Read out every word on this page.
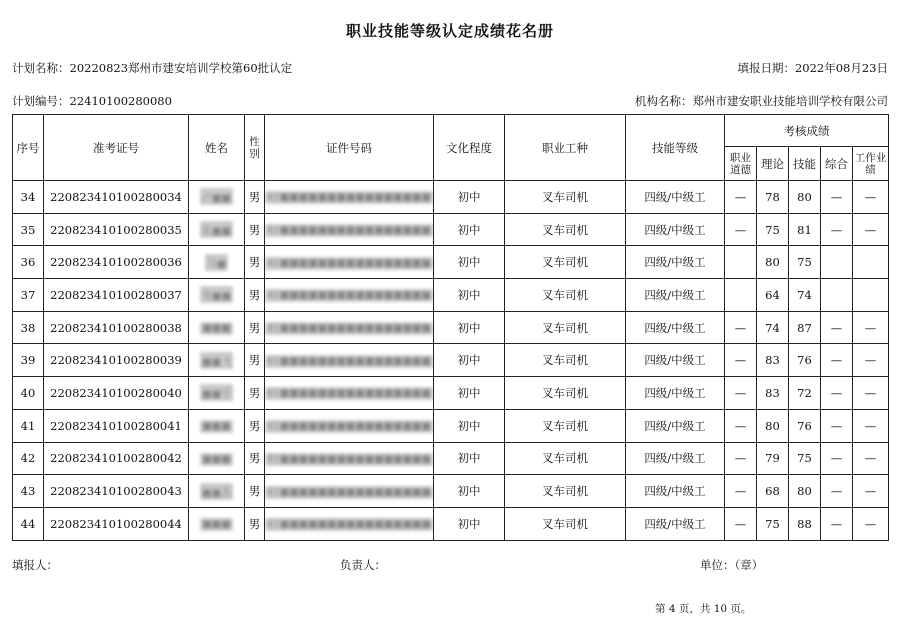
职业技能等级认定成绩花名册
计划名称：20220823郑州市建安培训学校第60批认定	填报日期：2022年08月23日
计划编号：22410100280080	机构名称：郑州市建安职业技能培训学校有限公司
序号	准考证号	姓名	性别	证件号码	文化程度	职业工种	技能等级	考核成绩				
								职业道德	理论	技能	综合	工作业绩
34	220823410100280034	卢■■	男	41■■■■■■■■■■■■■■■■	初中	叉车司机	四级/中级工	—	78	80	—	—
35	220823410100280035	张■■	男	41■■■■■■■■■■■■■■■■	初中	叉车司机	四级/中级工	—	75	81	—	—
36	220823410100280036	马■	男	41■■■■■■■■■■■■■■■■	初中	叉车司机	四级/中级工		80	75		
37	220823410100280037	郑■■	男	41■■■■■■■■■■■■■■■■	初中	叉车司机	四级/中级工		64	74		
38	220823410100280038	■■■	男	41■■■■■■■■■■■■■■■■	初中	叉车司机	四级/中级工	—	74	87	—	—
39	220823410100280039	■■飞	男	41■■■■■■■■■■■■■■■■	初中	叉车司机	四级/中级工	—	83	76	—	—
40	220823410100280040	■■宇	男	41■■■■■■■■■■■■■■■■	初中	叉车司机	四级/中级工	—	83	72	—	—
41	220823410100280041	■■■	男	41■■■■■■■■■■■■■■■■	初中	叉车司机	四级/中级工	—	80	76	—	—
42	220823410100280042	■■■	男	41■■■■■■■■■■■■■■■■	初中	叉车司机	四级/中级工	—	79	75	—	—
43	220823410100280043	■■杰	男	41■■■■■■■■■■■■■■■■	初中	叉车司机	四级/中级工	—	68	80	—	—
44	220823410100280044	■■■	男	41■■■■■■■■■■■■■■■■	初中	叉车司机	四级/中级工	—	75	88	—	—
填报人：	负责人：	单位：（章）
第 4 页，共 10 页。
